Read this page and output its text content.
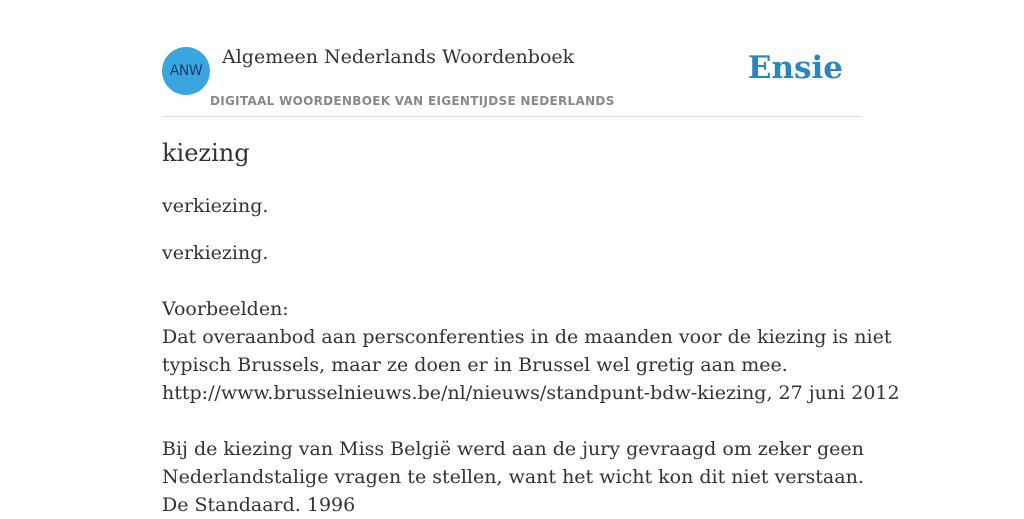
ANW
Algemeen Nederlands Woordenboek
DIGITAAL WOORDENBOEK VAN EIGENTIJDSE NEDERLANDS
Ensie
kiezing
verkiezing.
verkiezing.
Voorbeelden:
Dat overaanbod aan persconferenties in de maanden voor de kiezing is niet
typisch Brussels, maar ze doen er in Brussel wel gretig aan mee.
http://www.brusselnieuws.be/nl/nieuws/standpunt-bdw-kiezing, 27 juni 2012
Bij de kiezing van Miss België werd aan de jury gevraagd om zeker geen
Nederlandstalige vragen te stellen, want het wicht kon dit niet verstaan.
De Standaard. 1996
